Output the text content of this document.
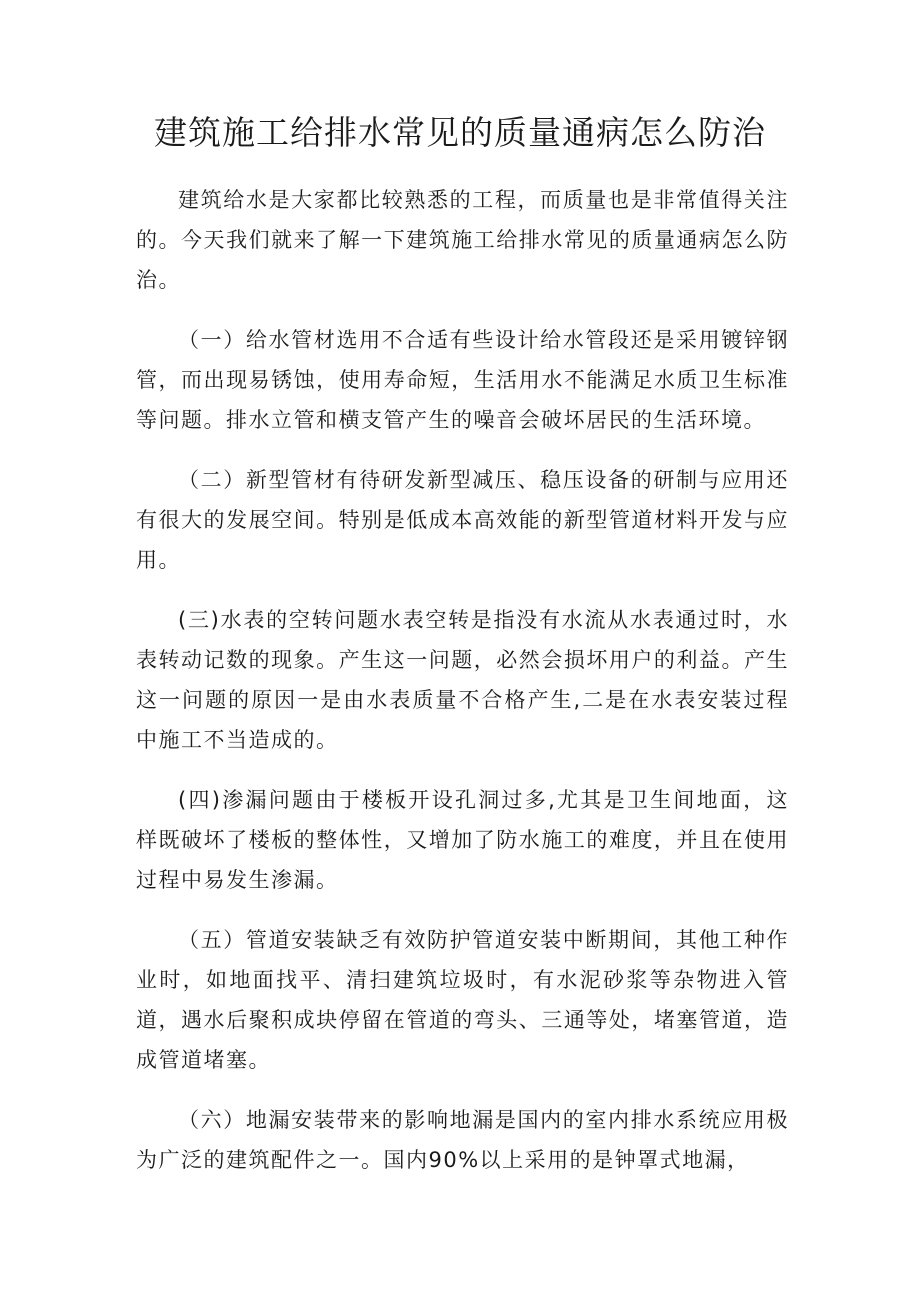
建筑施工给排水常见的质量通病怎么防治

建筑给水是大家都比较熟悉的工程，而质量也是非常值得关注的。今天我们就来了解一下建筑施工给排水常见的质量通病怎么防治。

（一）给水管材选用不合适有些设计给水管段还是采用镀锌钢管，而出现易锈蚀，使用寿命短，生活用水不能满足水质卫生标准等问题。排水立管和横支管产生的噪音会破坏居民的生活环境。

（二）新型管材有待研发新型减压、稳压设备的研制与应用还有很大的发展空间。特别是低成本高效能的新型管道材料开发与应用。

(三)水表的空转问题水表空转是指没有水流从水表通过时，水表转动记数的现象。产生这一问题，必然会损坏用户的利益。产生这一问题的原因一是由水表质量不合格产生,二是在水表安装过程中施工不当造成的。

(四)渗漏问题由于楼板开设孔洞过多,尤其是卫生间地面，这样既破坏了楼板的整体性，又增加了防水施工的难度，并且在使用过程中易发生渗漏。

（五）管道安装缺乏有效防护管道安装中断期间，其他工种作业时，如地面找平、清扫建筑垃圾时，有水泥砂浆等杂物进入管道，遇水后聚积成块停留在管道的弯头、三通等处，堵塞管道，造成管道堵塞。

（六）地漏安装带来的影响地漏是国内的室内排水系统应用极为广泛的建筑配件之一。国内90%以上采用的是钟罩式地漏，
